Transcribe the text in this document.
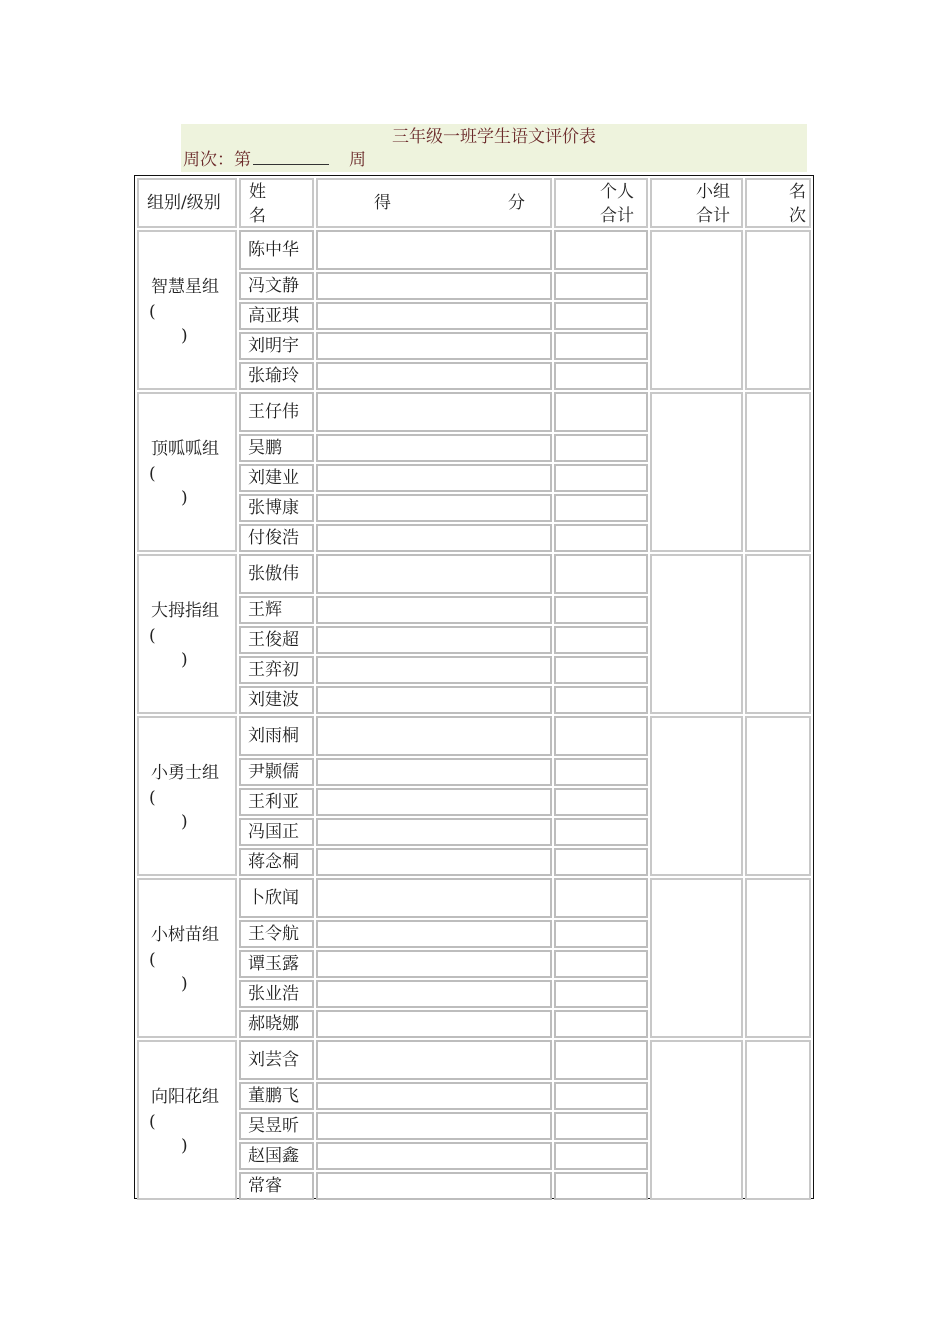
三年级一班学生语文评价表
周次：第	周
组别/级别
姓
名
得	分
个人
合计
小组
合计
名
次
智慧星组
(
)
陈中华
冯文静
高亚琪
刘明宇
张瑜玲
顶呱呱组
(
)
王仔伟
吴鹏
刘建业
张博康
付俊浩
大拇指组
(
)
张傲伟
王辉
王俊超
王弈初
刘建波
小勇士组
(
)
刘雨桐
尹颢儒
王利亚
冯国正
蒋念桐
小树苗组
(
)
卜欣闻
王令航
谭玉露
张业浩
郝晓娜
向阳花组
(
)
刘芸含
董鹏飞
吴昱昕
赵国鑫
常睿
